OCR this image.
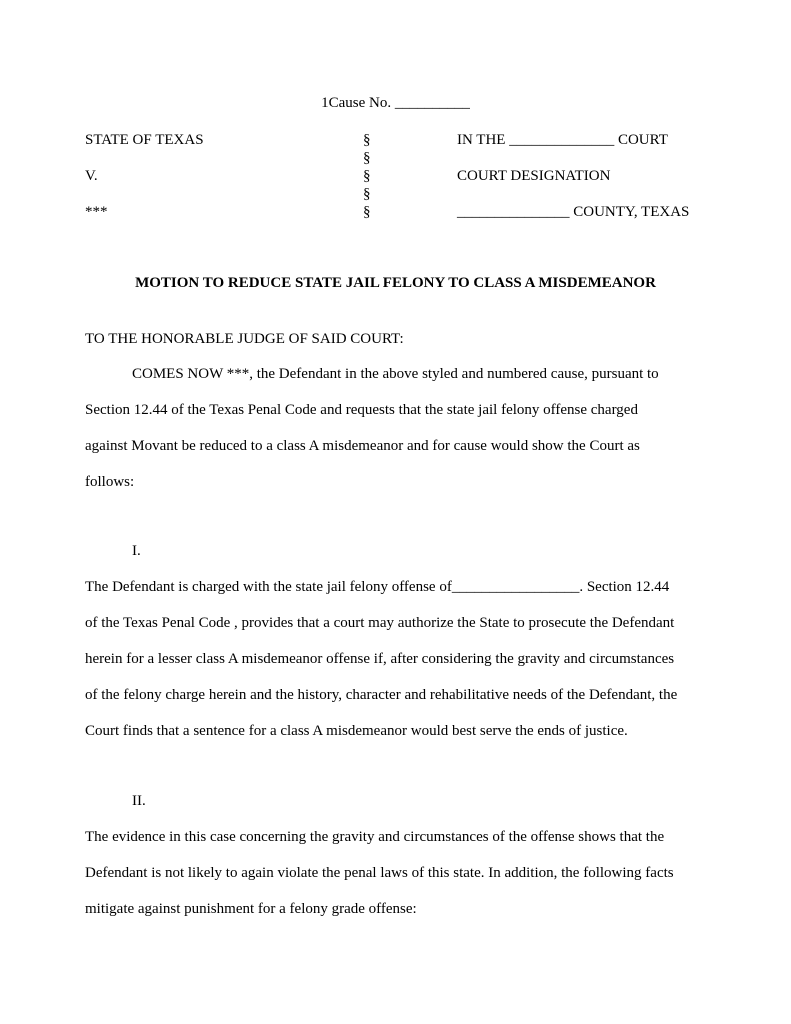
1Cause No. __________
STATE OF TEXAS
V.
***
§
§
§
§
§
IN THE ______________ COURT
COURT DESIGNATION
_______________ COUNTY, TEXAS
MOTION TO REDUCE STATE JAIL FELONY TO CLASS A MISDEMEANOR
TO THE HONORABLE JUDGE OF SAID COURT:
COMES NOW ***, the Defendant in the above styled and numbered cause, pursuant to
Section 12.44 of the Texas Penal Code and requests that the state jail felony offense charged
against Movant be reduced to a class A misdemeanor and for cause would show the Court as
follows:
I.
The Defendant is charged with the state jail felony offense of_________________. Section 12.44
of the Texas Penal Code , provides that a court may authorize the State to prosecute the Defendant
herein for a lesser class A misdemeanor offense if, after considering the gravity and circumstances
of the felony charge herein and the history, character and rehabilitative needs of the Defendant, the
Court finds that a sentence for a class A misdemeanor would best serve the ends of justice.
II.
The evidence in this case concerning the gravity and circumstances of the offense shows that the
Defendant is not likely to again violate the penal laws of this state. In addition, the following facts
mitigate against punishment for a felony grade offense:
